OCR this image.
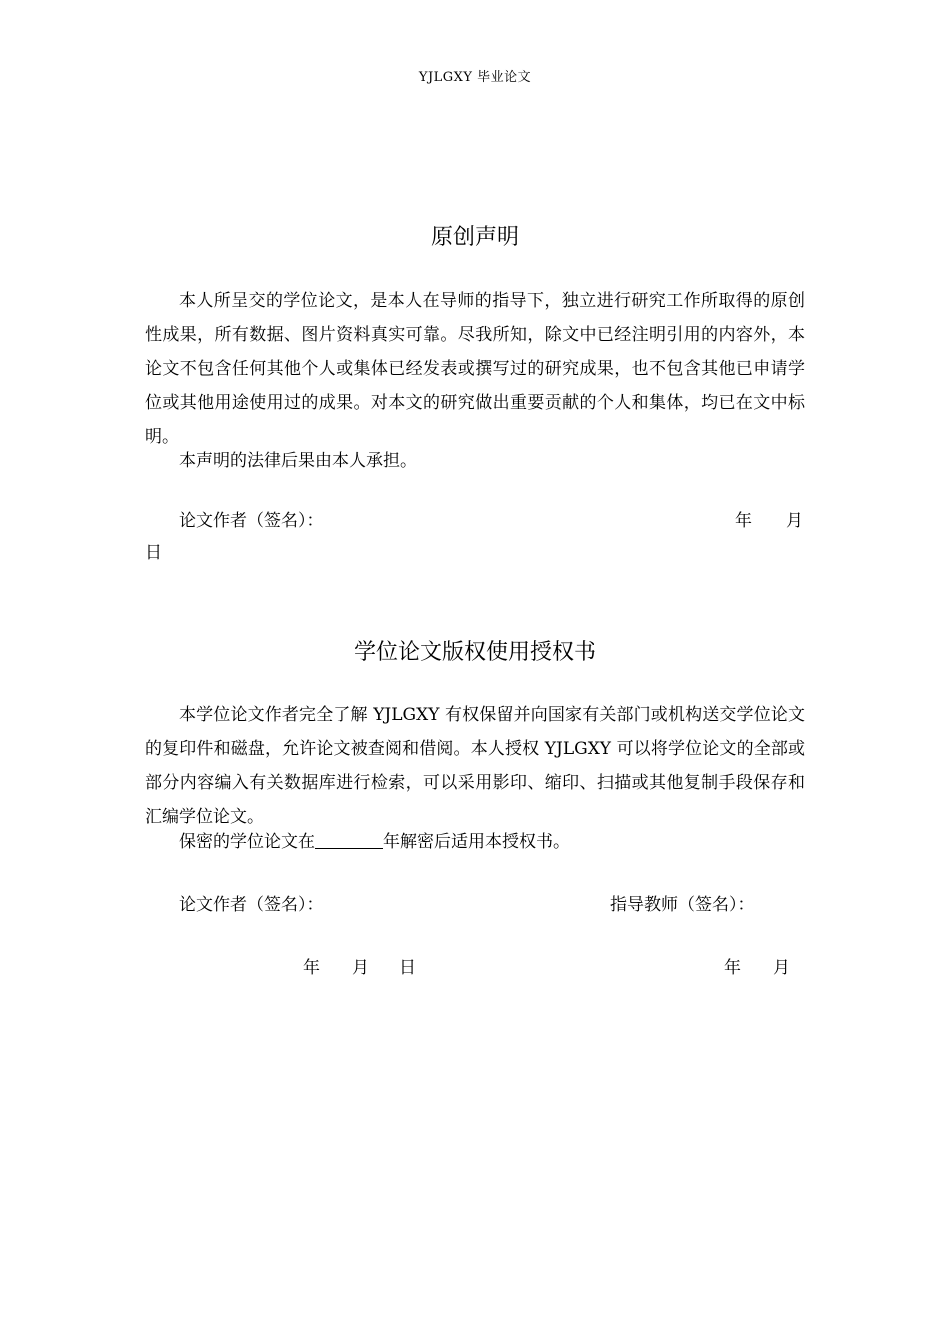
YJLGXY 毕业论文
原创声明

本人所呈交的学位论文，是本人在导师的指导下，独立进行研究工作所取得的原创性成果，所有数据、图片资料真实可靠。尽我所知，除文中已经注明引用的内容外，本论文不包含任何其他个人或集体已经发表或撰写过的研究成果，也不包含其他已申请学位或其他用途使用过的成果。对本文的研究做出重要贡献的个人和集体，均已在文中标明。

本声明的法律后果由本人承担。

论文作者（签名）：	年 月
日
学位论文版权使用授权书

本学位论文作者完全了解 YJLGXY 有权保留并向国家有关部门或机构送交学位论文的复印件和磁盘，允许论文被查阅和借阅。本人授权 YJLGXY 可以将学位论文的全部或部分内容编入有关数据库进行检索，可以采用影印、缩印、扫描或其他复制手段保存和汇编学位论文。

保密的学位论文在	年解密后适用本授权书。

论文作者（签名）：	指导教师（签名）：
年 月 日	年 月
